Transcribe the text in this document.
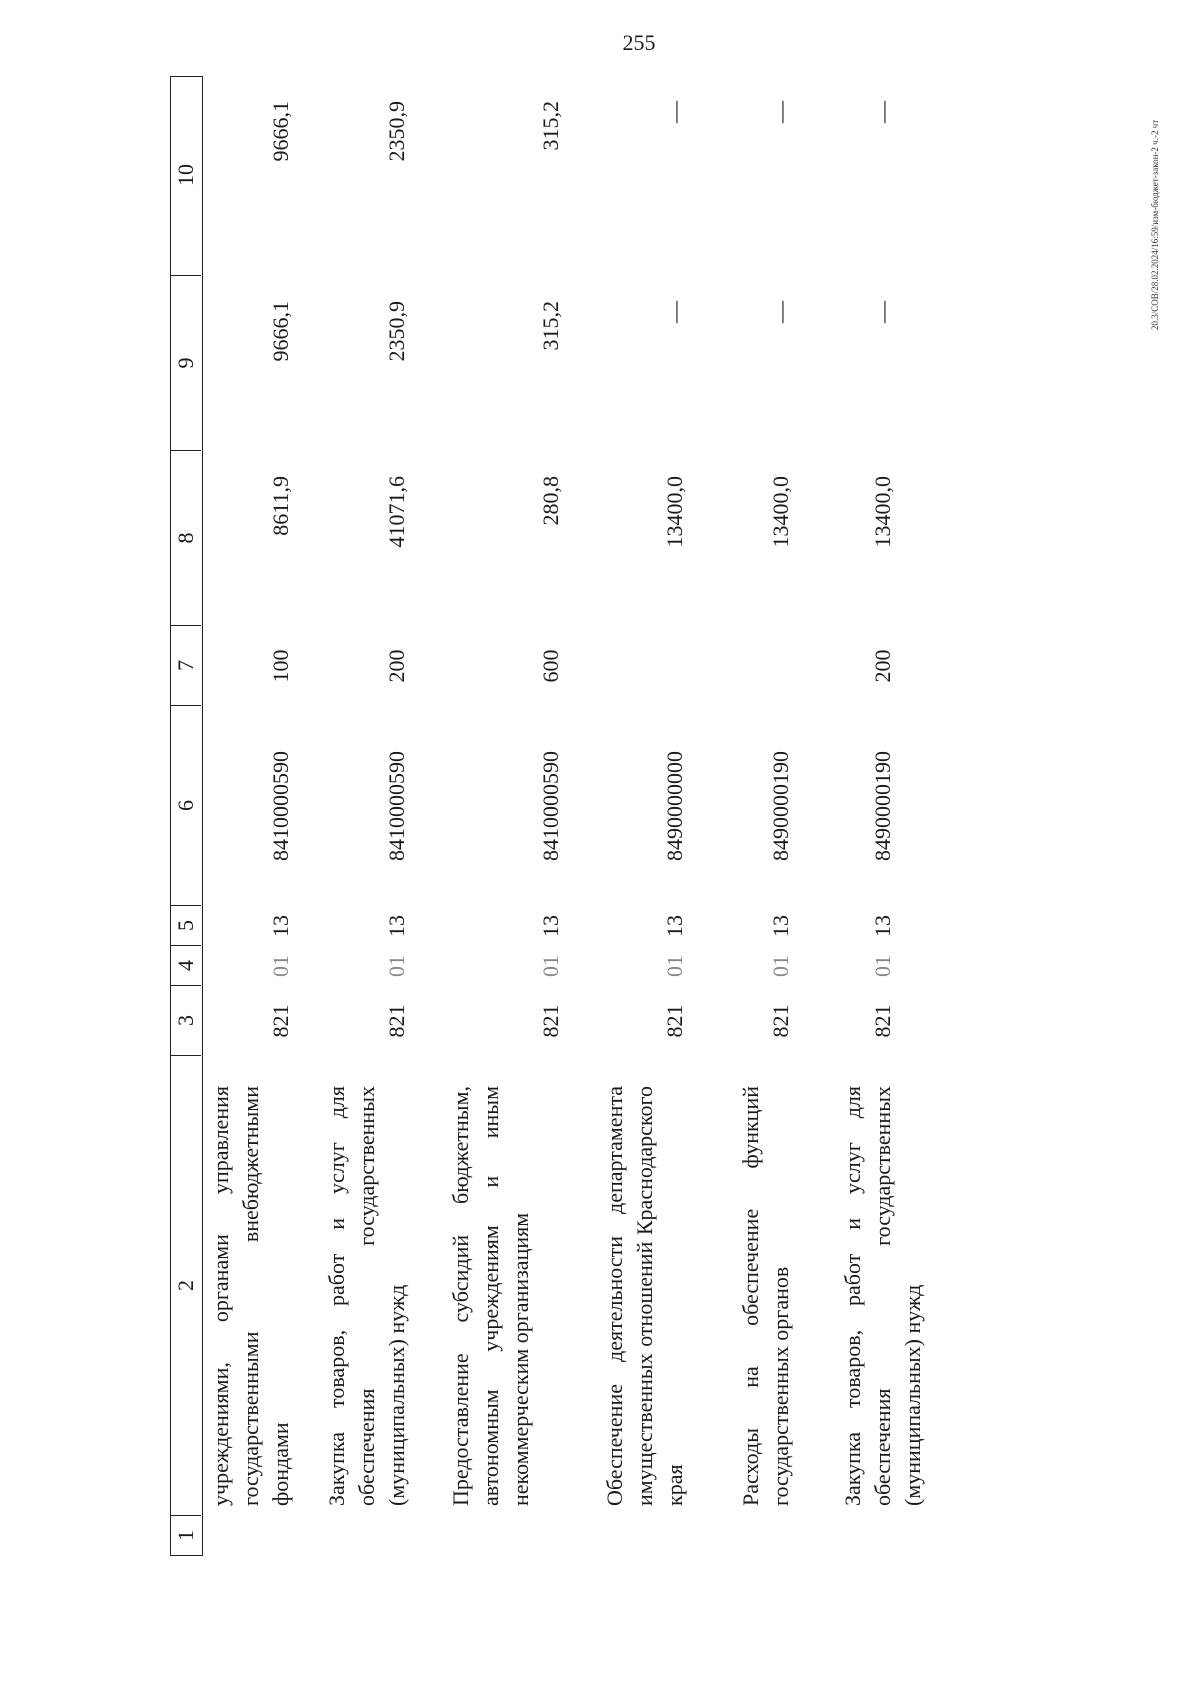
255
20.3/СОВ/28.02.2024/16:59/изм-бюджет-закон-2 ч.-2 чт
1
2
3
4
5
6
7
8
9
10
учреждениями, органами управления государственными внебюджетными фондами
821
01
13
8410000590
100
8611,9
9666,1
9666,1
Закупка товаров, работ и услуг для обеспечения государственных (муниципальных) нужд
821
01
13
8410000590
200
41071,6
2350,9
2350,9
Предоставление субсидий бюджетным, автономным учреждениям и иным некоммерческим организациям
821
01
13
8410000590
600
280,8
315,2
315,2
Обеспечение деятельности департамента имущественных отношений Краснодарского края
821
01
13
8490000000
13400,0
—
—
Расходы на обеспечение функций государственных органов
821
01
13
8490000190
13400,0
—
—
Закупка товаров, работ и услуг для обеспечения государственных (муниципальных) нужд
821
01
13
8490000190
200
13400,0
—
—
